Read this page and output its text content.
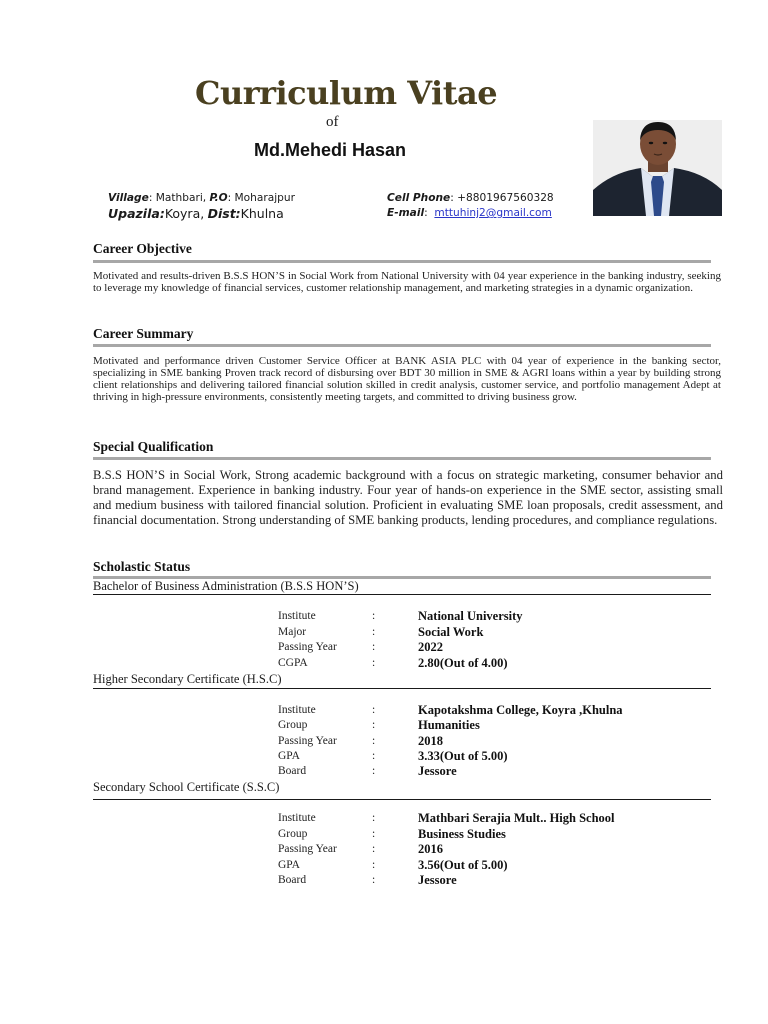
Curriculum Vitae
of
Md.Mehedi Hasan
Village: Mathbari, P.O: Moharajpur
Upazila:Koyra, Dist:Khulna
Cell Phone: +8801967560328
E-mail:  mttuhinj2@gmail.com
Career Objective
Motivated and results-driven B.S.S HON’S in Social Work from National University with 04 year experience in the banking industry, seeking to leverage my knowledge of financial services, customer relationship management, and marketing strategies in a dynamic organization.
Career Summary
Motivated and performance driven Customer Service Officer at BANK ASIA PLC with 04 year of experience in the banking sector, specializing in SME banking Proven track record of disbursing over BDT 30 million in SME & AGRI loans within a year by building strong client relationships and delivering tailored financial solution skilled in credit analysis, customer service, and portfolio management Adept at thriving in high-pressure environments, consistently meeting targets, and committed to driving business grow.
Special Qualification
B.S.S HON’S in Social Work, Strong academic background with a focus on strategic marketing, consumer behavior and brand management. Experience in banking industry. Four year of hands-on experience in the SME sector, assisting small and medium business with tailored financial solution. Proficient in evaluating SME loan proposals, credit assessment, and financial documentation. Strong understanding of SME banking products, lending procedures, and compliance regulations.
Scholastic Status
Bachelor of Business Administration (B.S.S HON’S)
Institute	:	National University
Major	:	Social Work
Passing Year	:	2022
CGPA	:	2.80(Out of 4.00)
Higher Secondary Certificate (H.S.C)
Institute	:	Kapotakshma College, Koyra ,Khulna
Group	:	Humanities
Passing Year	:	2018
GPA	:	3.33(Out of 5.00)
Board	:	Jessore
Secondary School Certificate (S.S.C)
Institute	:	Mathbari Serajia Mult.. High School
Group	:	Business Studies
Passing Year	:	2016
GPA	:	3.56(Out of 5.00)
Board	:	Jessore
